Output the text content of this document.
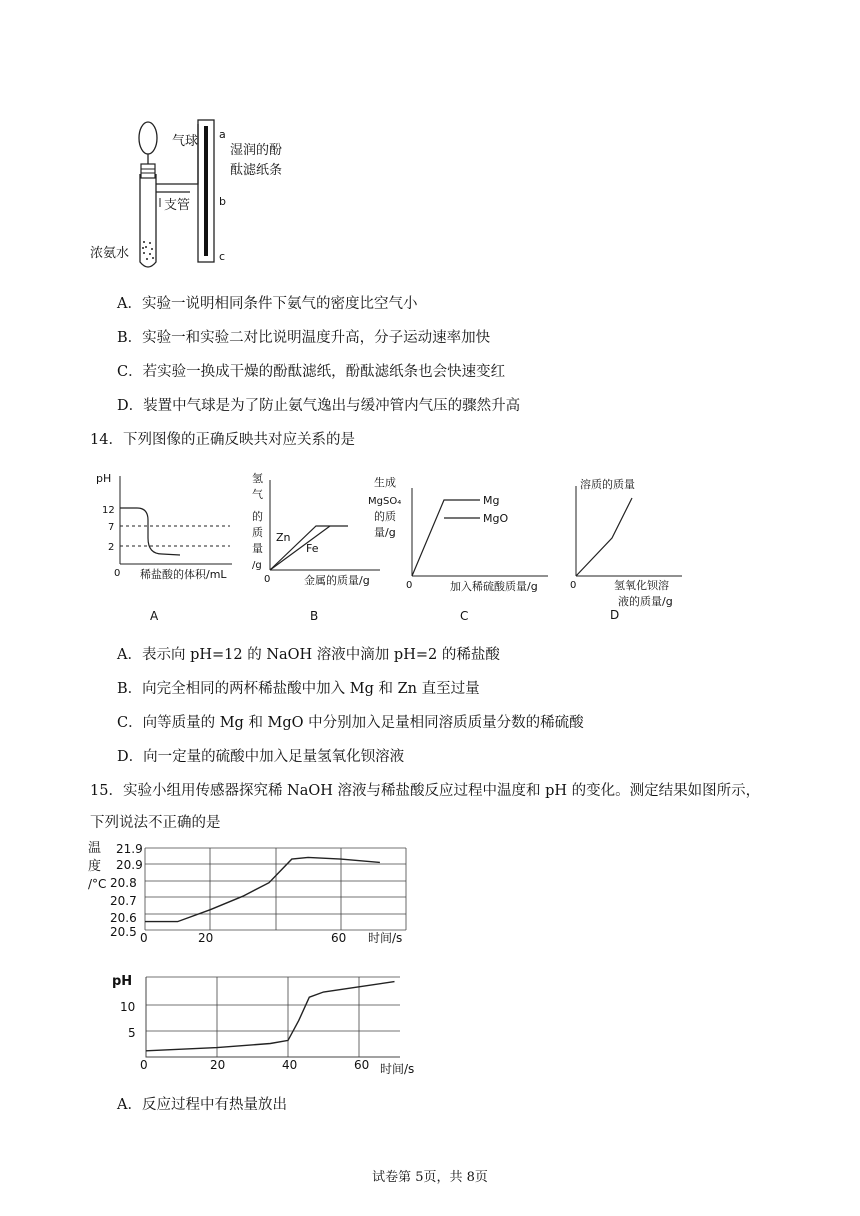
气球 a
湿润的酚
酞滤纸条
支管	b
浓氨水	c
A．实验一说明相同条件下氨气的密度比空气小
B．实验一和实验二对比说明温度升高，分子运动速率加快
C．若实验一换成干燥的酚酞滤纸，酚酞滤纸条也会快速变红
D．装置中气球是为了防止氨气逸出与缓冲管内气压的骤然升高
14．下列图像的正确反映共对应关系的是
pH
12
7
2
0 稀盐酸的体积/mL
A
氢
气
的
质
量
/g
Zn
Fe
0	金属的质量/g
B
生成
MgSO₄
的质
量/g
Mg
MgO
0	加入稀硫酸质量/g
C
溶质的质量
0	氢氧化钡溶
液的质量/g
D
A．表示向 pH=12 的 NaOH 溶液中滴加 pH=2 的稀盐酸
B．向完全相同的两杯稀盐酸中加入 Mg 和 Zn 直至过量
C．向等质量的 Mg 和 MgO 中分别加入足量相同溶质质量分数的稀硫酸
D．向一定量的硫酸中加入足量氢氧化钡溶液
15．实验小组用传感器探究稀 NaOH 溶液与稀盐酸反应过程中温度和 pH 的变化。测定结果如图所示，
下列说法不正确的是
温
度
/°C
21.9
20.9
20.8
20.7
20.6
20.5 0	20	60 时间/s
pH
10
5
0	20	40	60 时间/s
A．反应过程中有热量放出
试卷第 5页，共 8页
